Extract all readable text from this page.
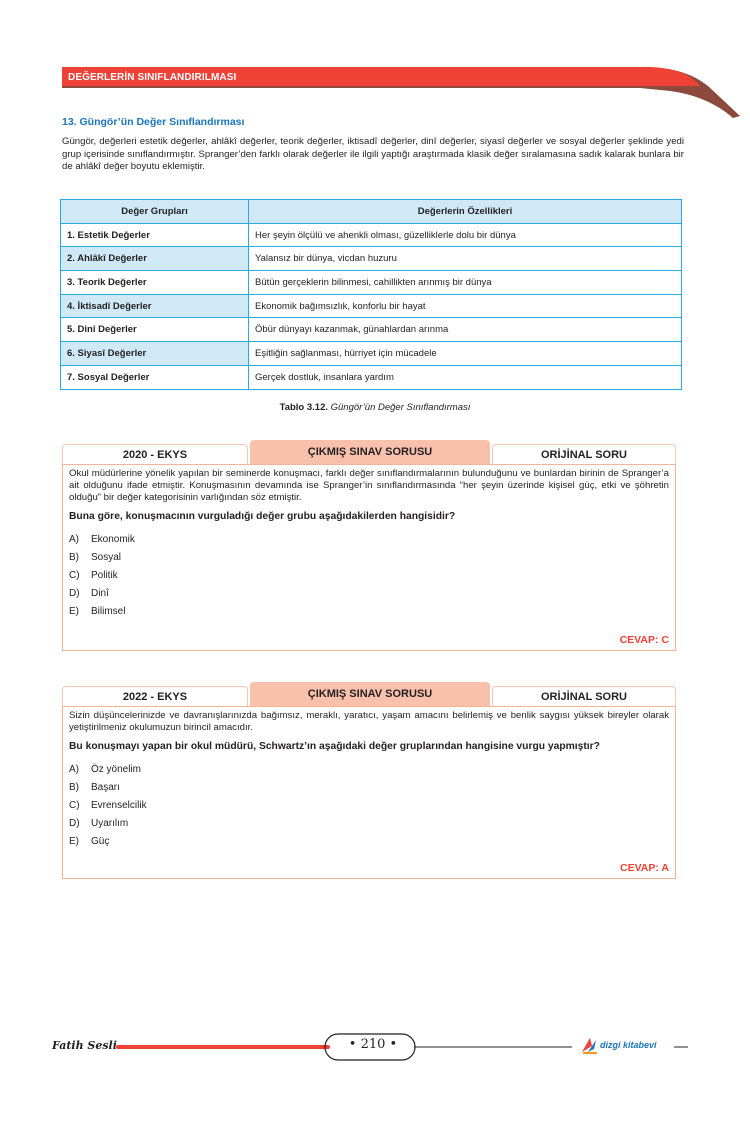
DEĞERLERİN SINIFLANDIRILMASI
13. Güngör’ün Değer Sınıflandırması
Güngör, değerleri estetik değerler, ahlâkî değerler, teorik değerler, iktisadî değerler, dinî değerler, siyasî değerler ve sosyal değerler şeklinde yedi grup içerisinde sınıflandırmıştır. Spranger’den farklı olarak değerler ile ilgili yaptığı araştırmada klasik değer sıralamasına sadık kalarak bunlara bir de ahlâkî değer boyutu eklemiştir.
Değer Grupları	Değerlerin Özellikleri
1. Estetik Değerler	Her şeyin ölçülü ve ahenkli olması, güzelliklerle dolu bir dünya
2. Ahlâkî Değerler	Yalansız bir dünya, vicdan huzuru
3. Teorik Değerler	Bütün gerçeklerin bilinmesi, cahillikten arınmış bir dünya
4. İktisadî Değerler	Ekonomik bağımsızlık, konforlu bir hayat
5. Dinî Değerler	Öbür dünyayı kazanmak, günahlardan arınma
6. Siyasî Değerler	Eşitliğin sağlanması, hürriyet için mücadele
7. Sosyal Değerler	Gerçek dostluk, insanlara yardım
Tablo 3.12. Güngör’ün Değer Sınıflandırması
2020 - EKYS	ÇIKMIŞ SINAV SORUSU	ORİJİNAL SORU
Okul müdürlerine yönelik yapılan bir seminerde konuşmacı, farklı değer sınıflandırmalarının bulunduğunu ve bunlardan birinin de Spranger’a ait olduğunu ifade etmiştir. Konuşmasının devamında ise Spranger’in sınıflandırmasında “her şeyin üzerinde kişisel güç, etki ve şöhretin olduğu” bir değer kategorisinin varlığından söz etmiştir.
Buna göre, konuşmacının vurguladığı değer grubu aşağıdakilerden hangisidir?
A)	Ekonomik
B)	Sosyal
C)	Politik
D)	Dinî
E)	Bilimsel
CEVAP: C
2022 - EKYS	ÇIKMIŞ SINAV SORUSU	ORİJİNAL SORU
Sizin düşüncelerinizde ve davranışlarınızda bağımsız, meraklı, yaratıcı, yaşam amacını belirlemiş ve benlik saygısı yüksek bireyler olarak yetiştirilmeniz okulumuzun birincil amacıdır.
Bu konuşmayı yapan bir okul müdürü, Schwartz’ın aşağıdaki değer gruplarından hangisine vurgu yapmıştır?
A)	Öz yönelim
B)	Başarı
C)	Evrenselcilik
D)	Uyarılım
E)	Güç
CEVAP: A
Fatih Sesli	• 210 •	dizgi kitabevi
